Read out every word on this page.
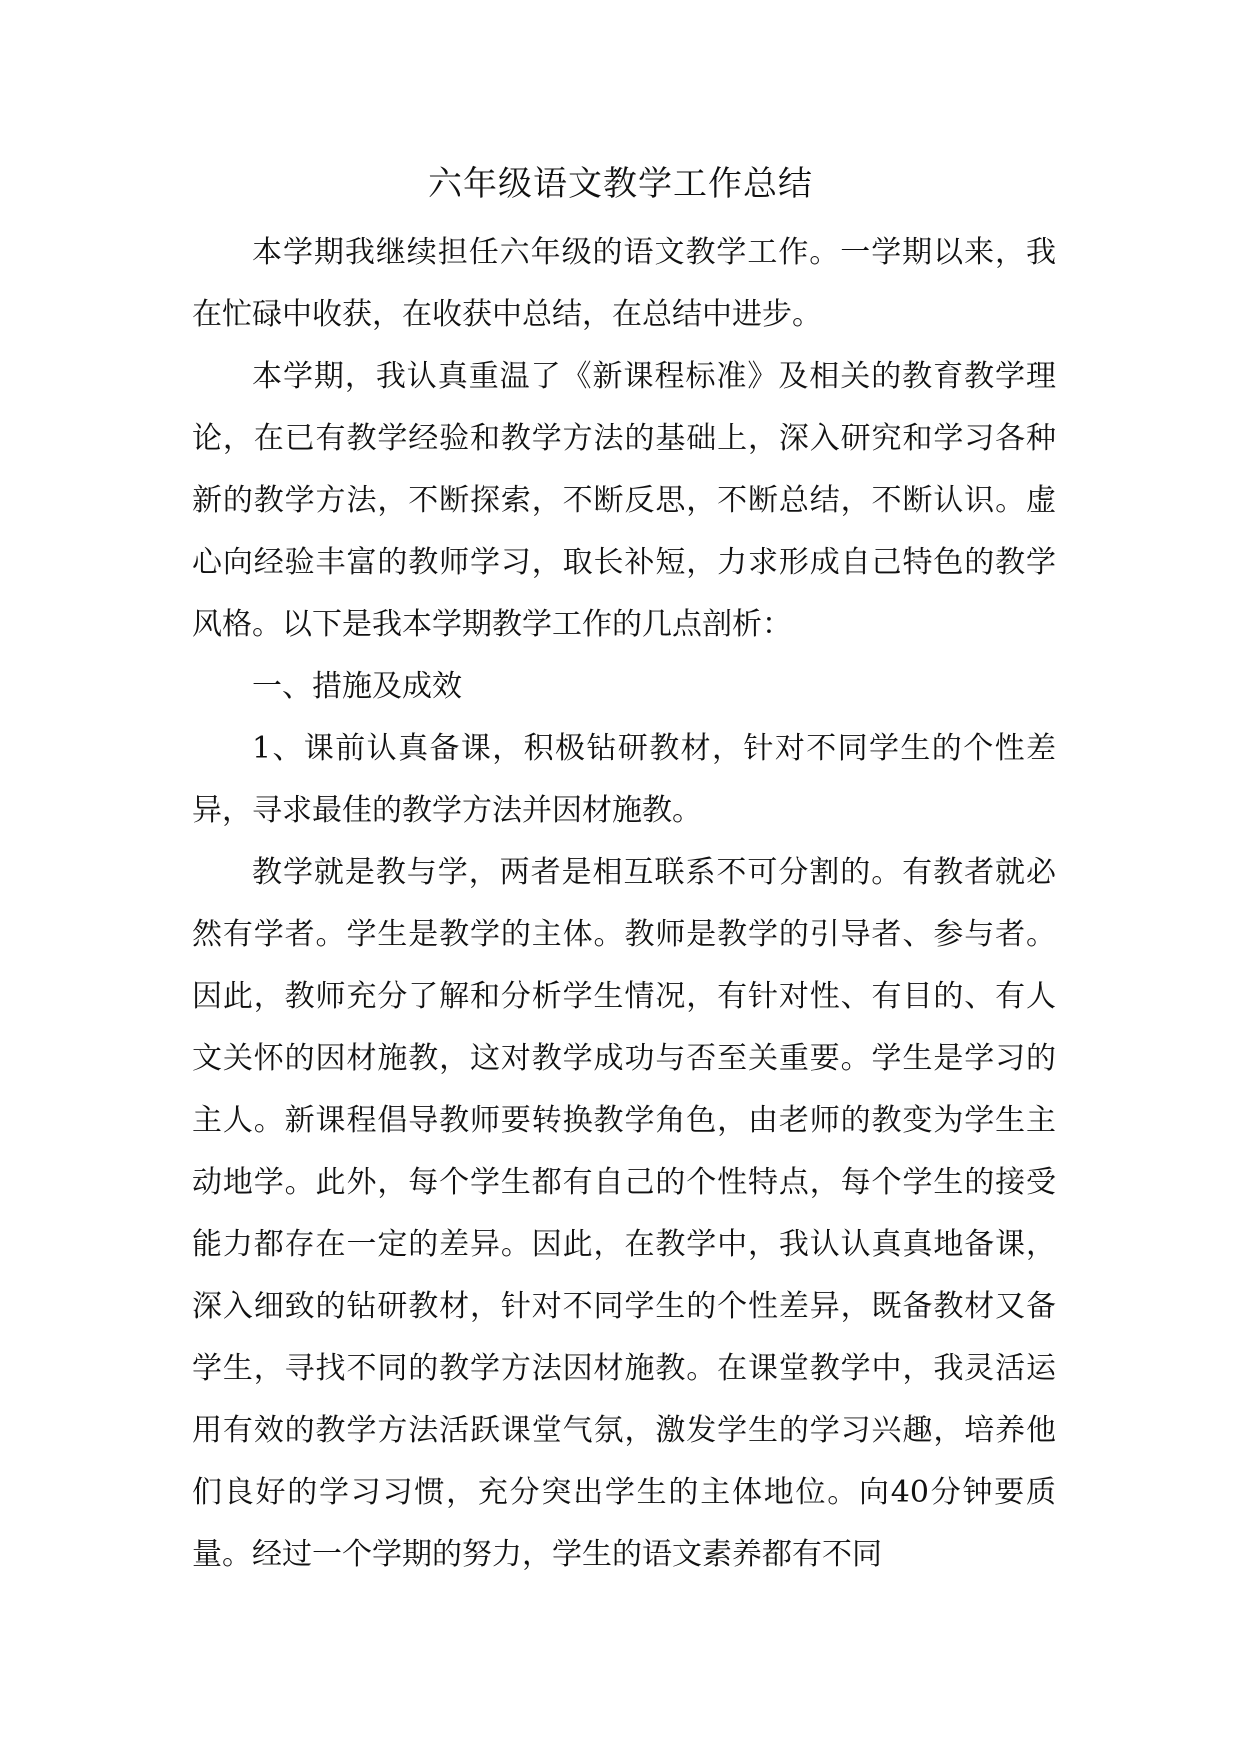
六年级语文教学工作总结

本学期我继续担任六年级的语文教学工作。一学期以来，我在忙碌中收获，在收获中总结，在总结中进步。

本学期，我认真重温了《新课程标准》及相关的教育教学理论，在已有教学经验和教学方法的基础上，深入研究和学习各种新的教学方法，不断探索，不断反思，不断总结，不断认识。虚心向经验丰富的教师学习，取长补短，力求形成自己特色的教学风格。以下是我本学期教学工作的几点剖析：

一、措施及成效

1、课前认真备课，积极钻研教材，针对不同学生的个性差异，寻求最佳的教学方法并因材施教。

教学就是教与学，两者是相互联系不可分割的。有教者就必然有学者。学生是教学的主体。教师是教学的引导者、参与者。因此，教师充分了解和分析学生情况，有针对性、有目的、有人文关怀的因材施教，这对教学成功与否至关重要。学生是学习的主人。新课程倡导教师要转换教学角色，由老师的教变为学生主动地学。此外，每个学生都有自己的个性特点，每个学生的接受能力都存在一定的差异。因此，在教学中，我认认真真地备课，深入细致的钻研教材，针对不同学生的个性差异，既备教材又备学生，寻找不同的教学方法因材施教。在课堂教学中，我灵活运用有效的教学方法活跃课堂气氛，激发学生的学习兴趣，培养他们良好的学习习惯，充分突出学生的主体地位。向40分钟要质量。经过一个学期的努力，学生的语文素养都有不同
